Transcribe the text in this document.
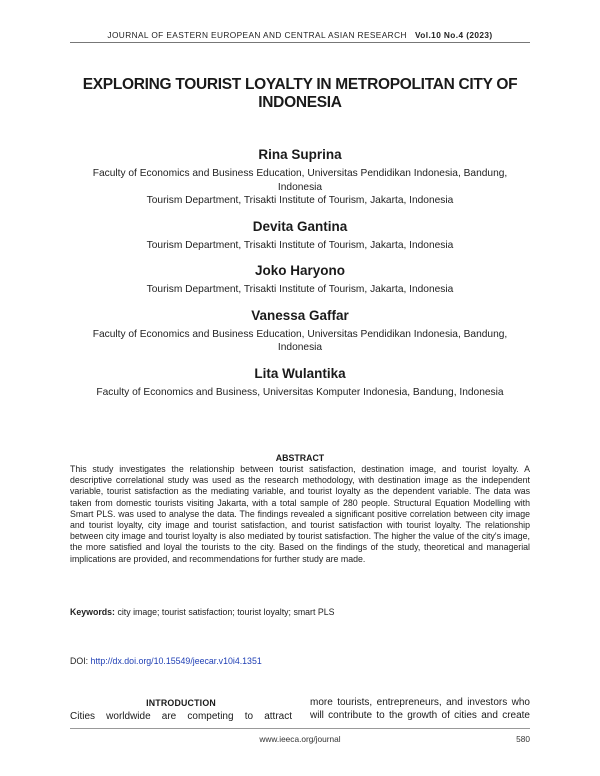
JOURNAL OF EASTERN EUROPEAN AND CENTRAL ASIAN RESEARCH Vol.10 No.4 (2023)
EXPLORING TOURIST LOYALTY IN METROPOLITAN CITY OF INDONESIA
Rina Suprina
Faculty of Economics and Business Education, Universitas Pendidikan Indonesia, Bandung, Indonesia
Tourism Department, Trisakti Institute of Tourism, Jakarta, Indonesia
Devita Gantina
Tourism Department, Trisakti Institute of Tourism, Jakarta, Indonesia
Joko Haryono
Tourism Department, Trisakti Institute of Tourism, Jakarta, Indonesia
Vanessa Gaffar
Faculty of Economics and Business Education, Universitas Pendidikan Indonesia, Bandung, Indonesia
Lita Wulantika
Faculty of Economics and Business, Universitas Komputer Indonesia, Bandung, Indonesia
ABSTRACT
This study investigates the relationship between tourist satisfaction, destination image, and tourist loyalty. A descriptive correlational study was used as the research methodology, with destination image as the independent variable, tourist satisfaction as the mediating variable, and tourist loyalty as the dependent variable. The data was taken from domestic tourists visiting Jakarta, with a total sample of 280 people. Structural Equation Modelling with Smart PLS. was used to analyse the data. The findings revealed a significant positive correlation between city image and tourist loyalty, city image and tourist satisfaction, and tourist satisfaction with tourist loyalty. The relationship between city image and tourist loyalty is also mediated by tourist satisfaction. The higher the value of the city's image, the more satisfied and loyal the tourists to the city. Based on the findings of the study, theoretical and managerial implications are provided, and recommendations for further study are made.
Keywords: city image; tourist satisfaction; tourist loyalty; smart PLS
DOI: http://dx.doi.org/10.15549/jeecar.v10i4.1351
INTRODUCTION
Cities worldwide are competing to attract
more tourists, entrepreneurs, and investors who will contribute to the growth of cities and create
www.ieeca.org/journal	580
